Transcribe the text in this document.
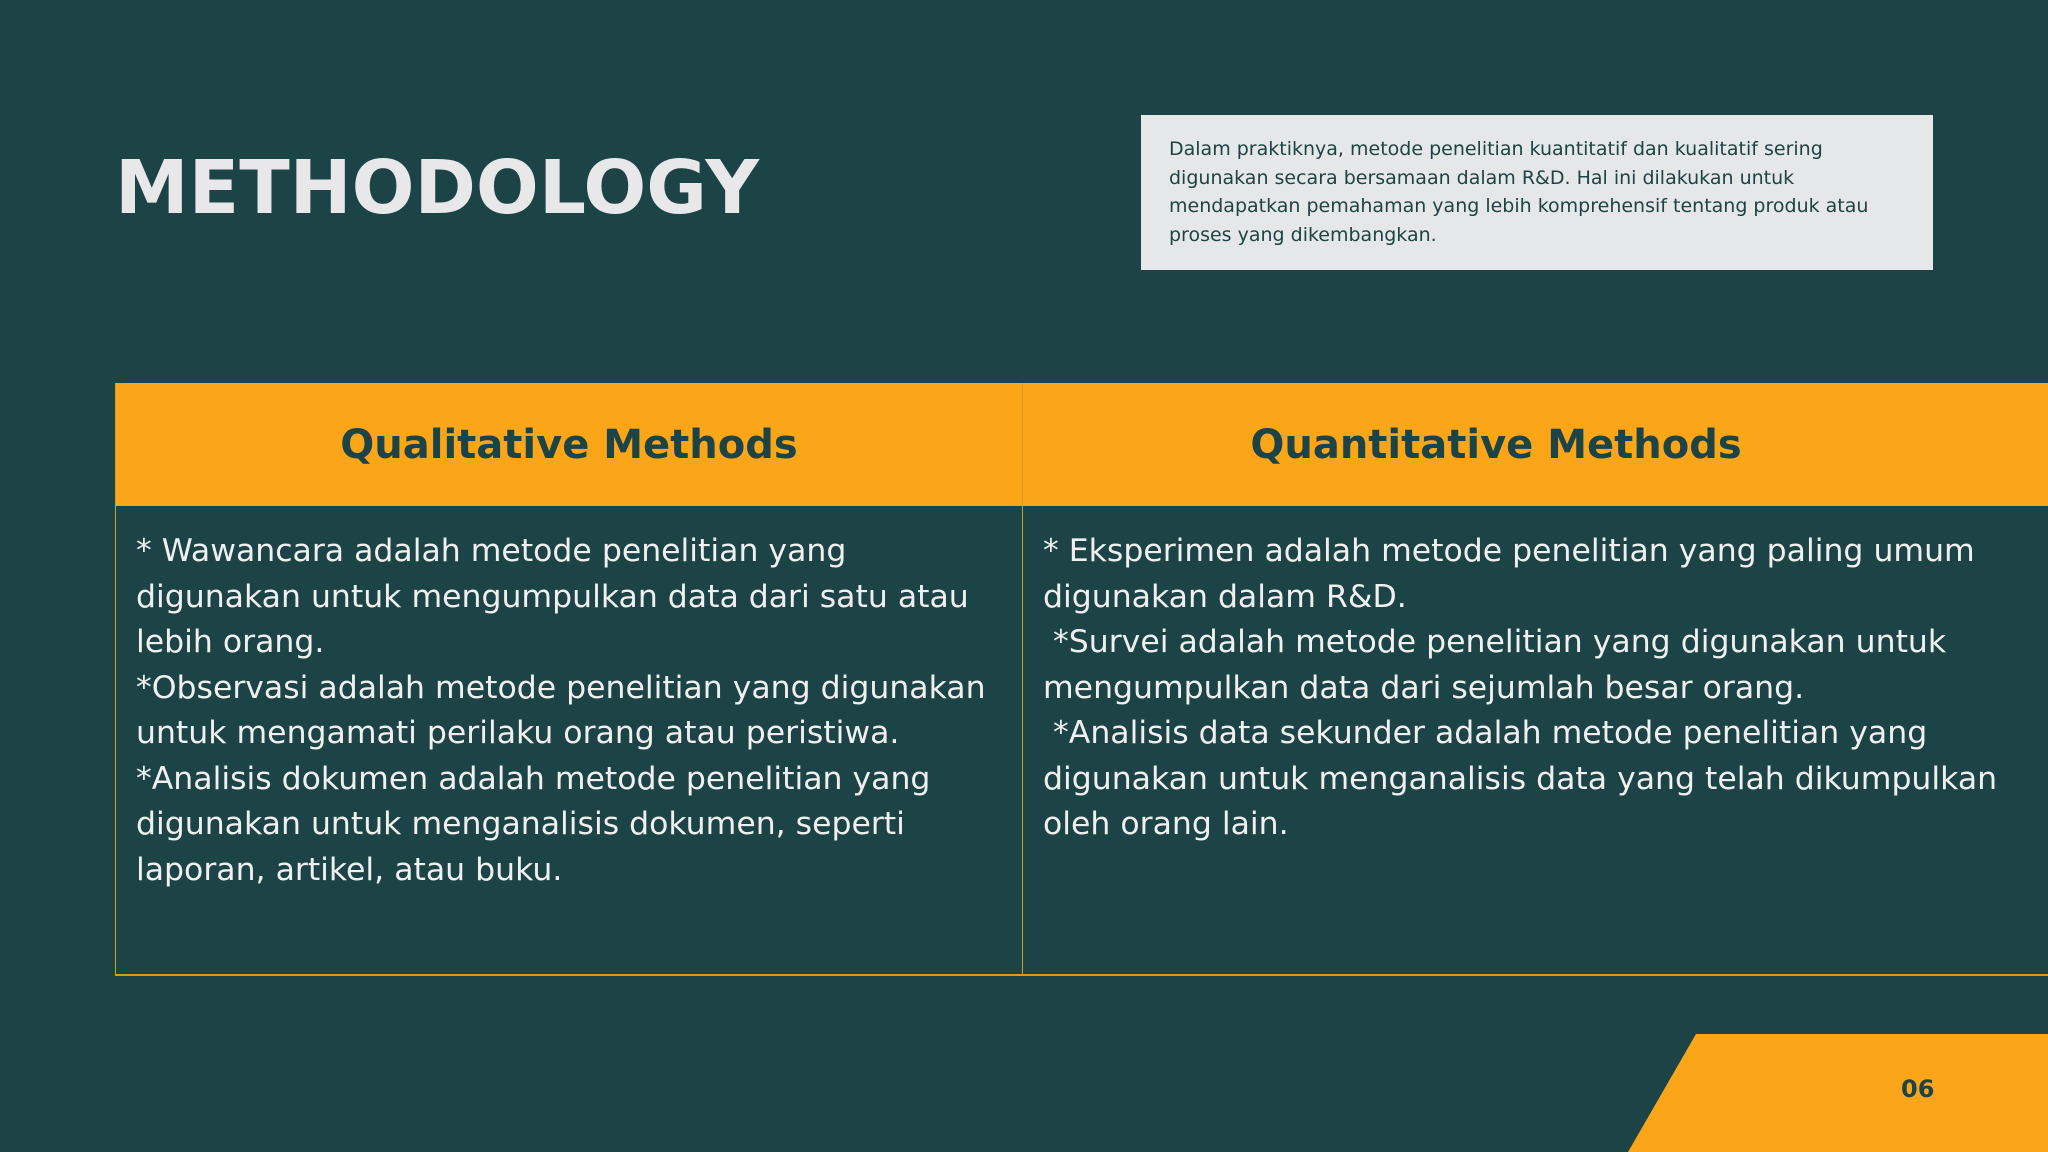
METHODOLOGY	Dalam praktiknya, metode penelitian kuantitatif dan kualitatif sering digunakan secara bersamaan dalam R&D. Hal ini dilakukan untuk mendapatkan pemahaman yang lebih komprehensif tentang produk atau proses yang dikembangkan.
Qualitative Methods

* Wawancara adalah metode penelitian yang digunakan untuk mengumpulkan data dari satu atau lebih orang.

*Observasi adalah metode penelitian yang digunakan untuk mengamati perilaku orang atau peristiwa.

*Analisis dokumen adalah metode penelitian yang digunakan untuk menganalisis dokumen, seperti laporan, artikel, atau buku.

Quantitative Methods

* Eksperimen adalah metode penelitian yang paling umum digunakan dalam R&D.

*Survei adalah metode penelitian yang digunakan untuk mengumpulkan data dari sejumlah besar orang.

*Analisis data sekunder adalah metode penelitian yang digunakan untuk menganalisis data yang telah dikumpulkan oleh orang lain.

06
